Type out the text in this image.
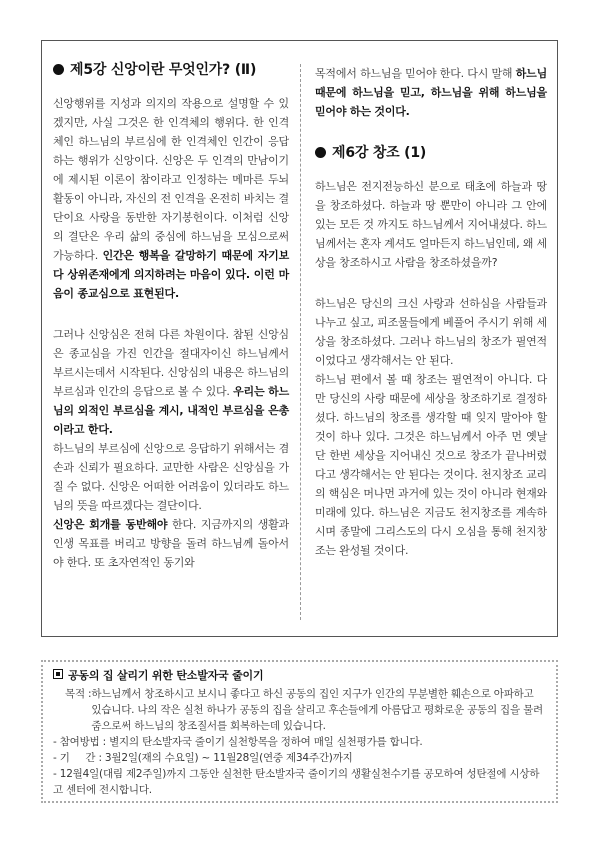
제5강 신앙이란 무엇인가? (Ⅱ)

신앙행위를 지성과 의지의 작용으로 설명할 수 있겠지만, 사실 그것은 한 인격체의 행위다. 한 인격체인 하느님의 부르심에 한 인격체인 인간이 응답하는 행위가 신앙이다. 신앙은 두 인격의 만남이기에 제시된 이론이 참이라고 인정하는 메마른 두뇌활동이 아니라, 자신의 전 인격을 온전히 바치는 결단이요 사랑을 동반한 자기봉헌이다. 이처럼 신앙의 결단은 우리 삶의 중심에 하느님을 모심으로써 가능하다. 인간은 행복을 갈망하기 때문에 자기보다 상위존재에게 의지하려는 마음이 있다. 이런 마음이 종교심으로 표현된다.

그러나 신앙심은 전혀 다른 차원이다. 참된 신앙심은 종교심을 가진 인간을 절대자이신 하느님께서 부르시는데서 시작된다. 신앙심의 내용은 하느님의 부르심과 인간의 응답으로 볼 수 있다. 우리는 하느님의 외적인 부르심을 계시, 내적인 부르심을 은총이라고 한다.

하느님의 부르심에 신앙으로 응답하기 위해서는 겸손과 신뢰가 필요하다. 교만한 사람은 신앙심을 가질 수 없다. 신앙은 어떠한 어려움이 있더라도 하느님의 뜻을 따르겠다는 결단이다.

신앙은 회개를 동반해야 한다. 지금까지의 생활과 인생 목표를 버리고 방향을 돌려 하느님께 돌아서야 한다. 또 초자연적인 동기와

목적에서 하느님을 믿어야 한다. 다시 말해 하느님 때문에 하느님을 믿고, 하느님을 위해 하느님을 믿어야 하는 것이다.

제6강 창조 (1)

하느님은 전지전능하신 분으로 태초에 하늘과 땅을 창조하셨다. 하늘과 땅 뿐만이 아니라 그 안에 있는 모든 것 까지도 하느님께서 지어내셨다. 하느님께서는 혼자 계셔도 얼마든지 하느님인데, 왜 세상을 창조하시고 사람을 창조하셨을까?

하느님은 당신의 크신 사랑과 선하심을 사람들과 나누고 싶고, 피조물들에게 베풀어 주시기 위해 세상을 창조하셨다. 그러나 하느님의 창조가 필연적이었다고 생각해서는 안 된다.

하느님 편에서 볼 때 창조는 필연적이 아니다. 다만 당신의 사랑 때문에 세상을 창조하기로 결정하셨다. 하느님의 창조를 생각할 때 잊지 말아야 할 것이 하나 있다. 그것은 하느님께서 아주 먼 옛날 단 한번 세상을 지어내신 것으로 창조가 끝나버렸다고 생각해서는 안 된다는 것이다. 천지창조 교리의 핵심은 머나먼 과거에 있는 것이 아니라 현재와 미래에 있다. 하느님은 지금도 천지창조를 계속하시며 종말에 그리스도의 다시 오심을 통해 천지창조는 완성될 것이다.

공동의 집 살리기 위한 탄소발자국 줄이기
목적 : 하느님께서 창조하시고 보시니 좋다고 하신 공동의 집인 지구가 인간의 무분별한 훼손으로 아파하고 있습니다. 나의 작은 실천 하나가 공동의 집을 살리고 후손들에게 아름답고 평화로운 공동의 집을 물려줌으로써 하느님의 창조질서를 회복하는데 있습니다.
- 참여방법 : 별지의 탄소발자국 줄이기 실천항목을 정하여 매일 실천평가를 합니다.
- 기     간 : 3월2일(재의 수요일) ~ 11월28일(연중 제34주간)까지
- 12월4일(대림 제2주일)까지 그동안 실천한 탄소발자국 줄이기의 생활실천수기를 공모하여 성탄절에 시상하고 센터에 전시합니다.
